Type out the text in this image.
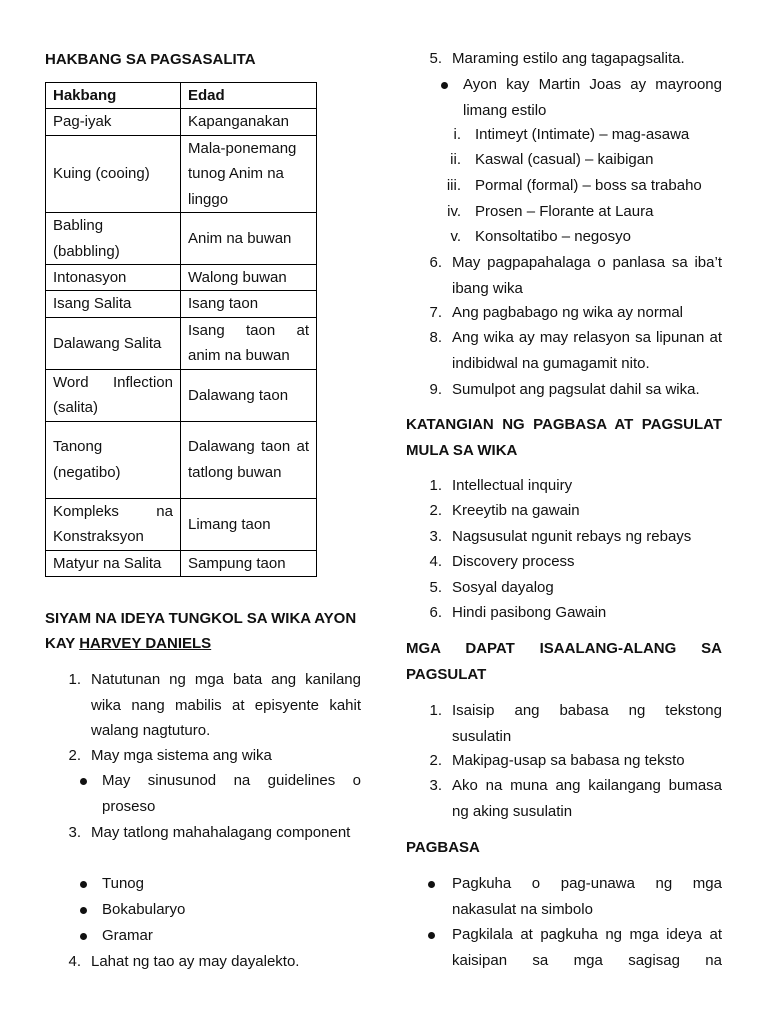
HAKBANG SA PAGSASALITA
Hakbang	Edad
Pag-iyak	Kapanganakan
Kuing (cooing)	Mala-ponemang tunog Anim na linggo
Babling (babbling)	Anim na buwan
Intonasyon	Walong buwan
Isang Salita	Isang taon
Dalawang Salita	Isang taon at anim na buwan
Word Inflection (salita)	Dalawang taon
Tanong (negatibo)	Dalawang taon at tatlong buwan
Kompleks na Konstraksyon	Limang taon
Matyur na Salita	Sampung taon
SIYAM NA IDEYA TUNGKOL SA WIKA AYON
KAY HARVEY DANIELS
1. Natutunan ng mga bata ang kanilang wika nang mabilis at episyente kahit walang nagtuturo.
2. May mga sistema ang wika
May sinusunod na guidelines o proseso
3. May tatlong mahahalagang component
Tunog
Bokabularyo
Gramar
4. Lahat ng tao ay may dayalekto.
5. Maraming estilo ang tagapagsalita.
Ayon kay Martin Joas ay mayroong limang estilo
i. Intimeyt (Intimate) – mag-asawa
ii. Kaswal (casual) – kaibigan
iii. Pormal (formal) – boss sa trabaho
iv. Prosen – Florante at Laura
v. Konsoltatibo – negosyo
6. May pagpapahalaga o panlasa sa iba’t ibang wika
7. Ang pagbabago ng wika ay normal
8. Ang wika ay may relasyon sa lipunan at indibidwal na gumagamit nito.
9. Sumulpot ang pagsulat dahil sa wika.
KATANGIAN NG PAGBASA AT PAGSULAT MULA SA WIKA
1. Intellectual inquiry
2. Kreeytib na gawain
3. Nagsusulat ngunit rebays ng rebays
4. Discovery process
5. Sosyal dayalog
6. Hindi pasibong Gawain
MGA DAPAT ISAALANG-ALANG SA PAGSULAT
1. Isaisip ang babasa ng tekstong susulatin
2. Makipag-usap sa babasa ng teksto
3. Ako na muna ang kailangang bumasa ng aking susulatin
PAGBASA
Pagkuha o pag-unawa ng mga nakasulat na simbolo
Pagkilala at pagkuha ng mga ideya at kaisipan sa mga sagisag na
